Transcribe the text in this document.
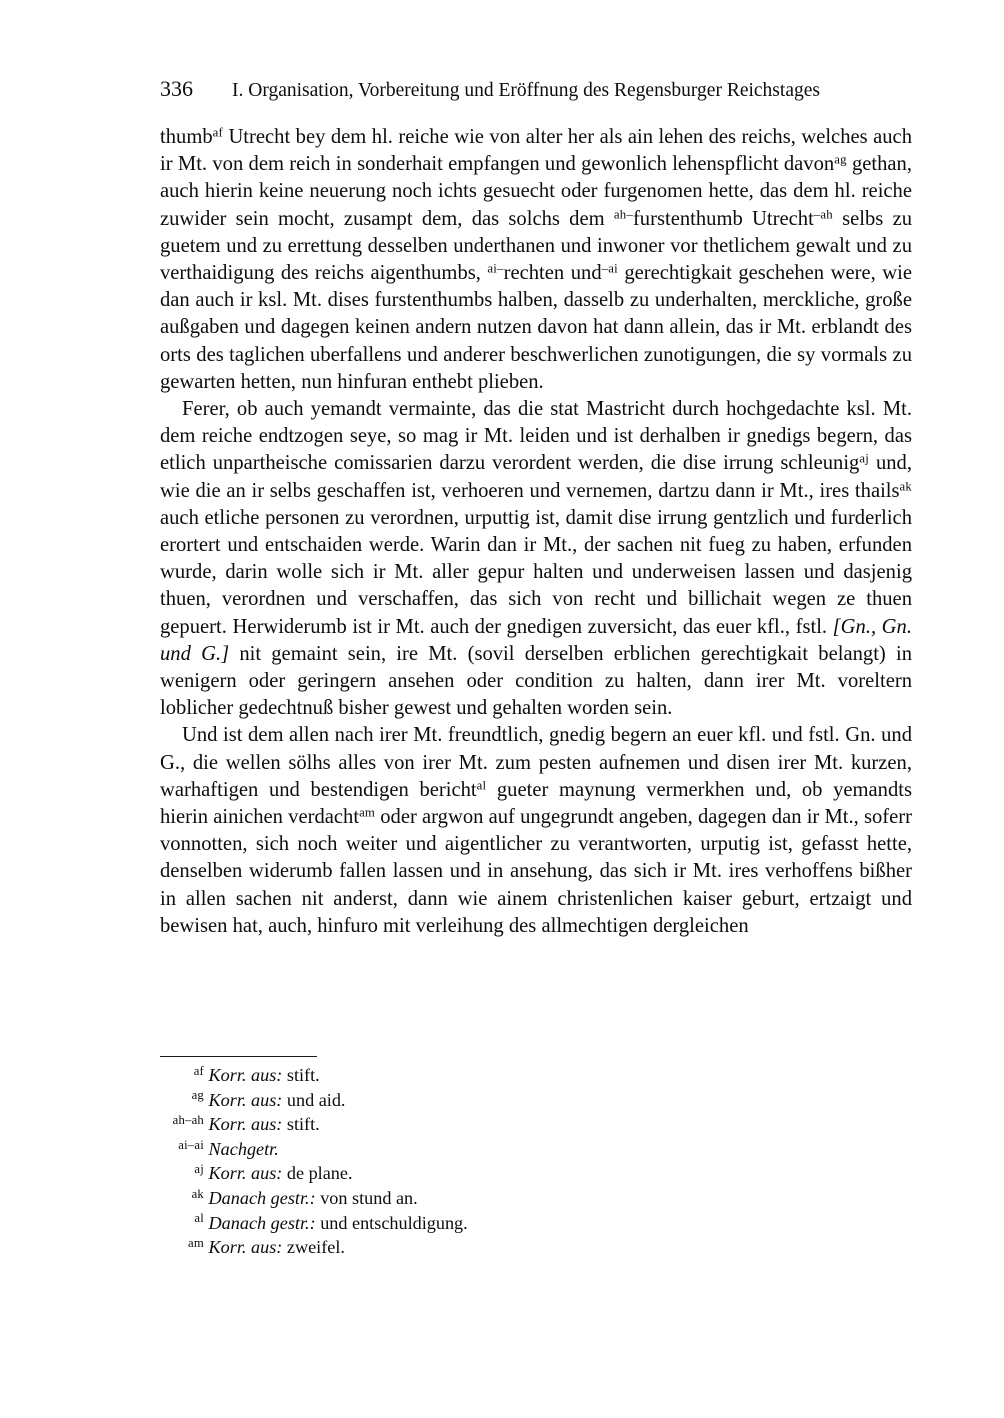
336 I. Organisation, Vorbereitung und Eröffnung des Regensburger Reichstages

thumb$^{af}$ Utrecht bey dem hl. reiche wie von alter her als ain lehen des reichs, welches auch ir Mt. von dem reich in sonderhait empfangen und gewonlich lehenspflicht davon$^{ag}$ gethan, auch hierin keine neuerung noch ichts gesuecht oder furgenomen hette, das dem hl. reiche zuwider sein mocht, zusampt dem, das solchs dem $^{ah-}$furstenthumb Utrecht$^{-ah}$ selbs zu guetem und zu errettung desselben underthanen und inwoner vor thetlichem gewalt und zu verthaidigung des reichs aigenthumbs, $^{ai-}$rechten und$^{-ai}$ gerechtigkait geschehen were, wie dan auch ir ksl. Mt. dises furstenthumbs halben, dasselb zu underhalten, merckliche, große außgaben und dagegen keinen andern nutzen davon hat dann allein, das ir Mt. erblandt des orts des taglichen uberfallens und anderer beschwerlichen zunotigungen, die sy vormals zu gewarten hetten, nun hinfuran enthebt plieben.

Ferer, ob auch yemandt vermainte, das die stat Mastricht durch hochgedachte ksl. Mt. dem reiche endtzogen seye, so mag ir Mt. leiden und ist derhalben ir gnedigs begern, das etlich unpartheische comissarien darzu verordent werden, die dise irrung schleunig$^{aj}$ und, wie die an ir selbs geschaffen ist, verhoeren und vernemen, dartzu dann ir Mt., ires thails$^{ak}$ auch etliche personen zu verordnen, urputtig ist, damit dise irrung gentzlich und furderlich erortert und entschaiden werde. Warin dan ir Mt., der sachen nit fueg zu haben, erfunden wurde, darin wolle sich ir Mt. aller gepur halten und underweisen lassen und dasjenig thuen, verordnen und verschaffen, das sich von recht und billichait wegen ze thuen gepuert. Herwiderumb ist ir Mt. auch der gnedigen zuversicht, das euer kfl., fstl. [Gn., Gn. und G.] nit gemaint sein, ire Mt. (sovil derselben erblichen gerechtigkait belangt) in wenigern oder geringern ansehen oder condition zu halten, dann irer Mt. voreltern loblicher gedechtnuß bisher gewest und gehalten worden sein.

Und ist dem allen nach irer Mt. freundtlich, gnedig begern an euer kfl. und fstl. Gn. und G., die wellen sölhs alles von irer Mt. zum pesten aufnemen und disen irer Mt. kurzen, warhaftigen und bestendigen bericht$^{al}$ gueter maynung vermerkhen und, ob yemandts hierin ainichen verdacht$^{am}$ oder argwon auf ungegrundt angeben, dagegen dan ir Mt., soferr vonnotten, sich noch weiter und aigentlicher zu verantworten, urputig ist, gefasst hette, denselben widerumb fallen lassen und in ansehung, das sich ir Mt. ires verhoffens bißher in allen sachen nit anderst, dann wie ainem christenlichen kaiser geburt, ertzaigt und bewisen hat, auch, hinfuro mit verleihung des allmechtigen dergleichen

af Korr. aus: stift.
ag Korr. aus: und aid.
ah–ah Korr. aus: stift.
ai–ai Nachgetr.
aj Korr. aus: de plane.
ak Danach gestr.: von stund an.
al Danach gestr.: und entschuldigung.
am Korr. aus: zweifel.
